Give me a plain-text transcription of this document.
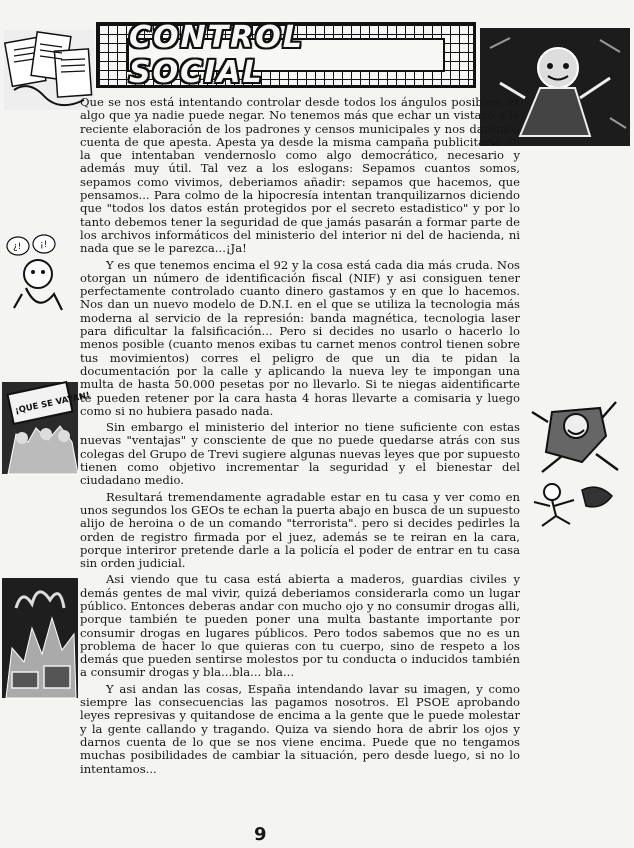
CONTROL SOCIAL
¿! ¡!
¡QUE SE VAYAN!

Que se nos está intentando controlar desde todos los ángulos posibles, es algo que ya nadie puede negar. No tenemos más que echar un vistazo a la reciente elaboración de los padrones y censos municipales y nos daremos cuenta de que apesta. Apesta ya desde la misma campaña publicitaria en la que intentaban vendernoslo como algo democrático, necesario y además muy útil. Tal vez a los eslogans: Sepamos cuantos somos, sepamos como vivimos, deberiamos añadir: sepamos que hacemos, que pensamos... Para colmo de la hipocresía intentan tranquilizarnos diciendo que "todos los datos están protegidos por el secreto estadistico" y por lo tanto debemos tener la seguridad de que jamás pasarán a formar parte de los archivos informáticos del ministerio del interior ni del de hacienda, ni nada que se le parezca...¡Ja!

Y es que tenemos encima el 92 y la cosa está cada dia más cruda. Nos otorgan un número de identificación fiscal (NIF) y asi consiguen tener perfectamente controlado cuanto dinero gastamos y en que lo hacemos. Nos dan un nuevo modelo de D.N.I. en el que se utiliza la tecnologia más moderna al servicio de la represión: banda magnética, tecnologia laser para dificultar la falsificación... Pero si decides no usarlo o hacerlo lo menos posible (cuanto menos exibas tu carnet menos control tienen sobre tus movimientos) corres el peligro de que un dia te pidan la documentación por la calle y aplicando la nueva ley te impongan una multa de hasta 50.000 pesetas por no llevarlo. Si te niegas aidentificarte te pueden retener por la cara hasta 4 horas llevarte a comisaria y luego como si no hubiera pasado nada.

Sin embargo el ministerio del interior no tiene suficiente con estas nuevas "ventajas" y consciente de que no puede quedarse atrás con sus colegas del Grupo de Trevi sugiere algunas nuevas leyes que por supuesto tienen como objetivo incrementar la seguridad y el bienestar del ciudadano medio.

Resultará tremendamente agradable estar en tu casa y ver como en unos segundos los GEOs te echan la puerta abajo en busca de un supuesto alijo de heroina o de un comando "terrorista". pero si decides pedirles la orden de registro firmada por el juez, además se te reiran en la cara, porque interiror pretende darle a la policía el poder de entrar en tu casa sin orden judicial.

Asi viendo que tu casa está abierta a maderos, guardias civiles y demás gentes de mal vivir, quizá deberiamos considerarla como un lugar público. Entonces deberas andar con mucho ojo y no consumir drogas alli, porque también te pueden poner una multa bastante importante por consumir drogas en lugares públicos. Pero todos sabemos que no es un problema de hacer lo que quieras con tu cuerpo, sino de respeto a los demás que pueden sentirse molestos por tu conducta o inducidos también a consumir drogas y bla...bla... bla...

Y asi andan las cosas, España intendando lavar su imagen, y como siempre las consecuencias las pagamos nosotros. El PSOE aprobando leyes represivas y quitandose de encima a la gente que le puede molestar y la gente callando y tragando. Quiza va siendo hora de abrir los ojos y darnos cuenta de lo que se nos viene encima. Puede que no tengamos muchas posibilidades de cambiar la situación, pero desde luego, si no lo intentamos...

9
